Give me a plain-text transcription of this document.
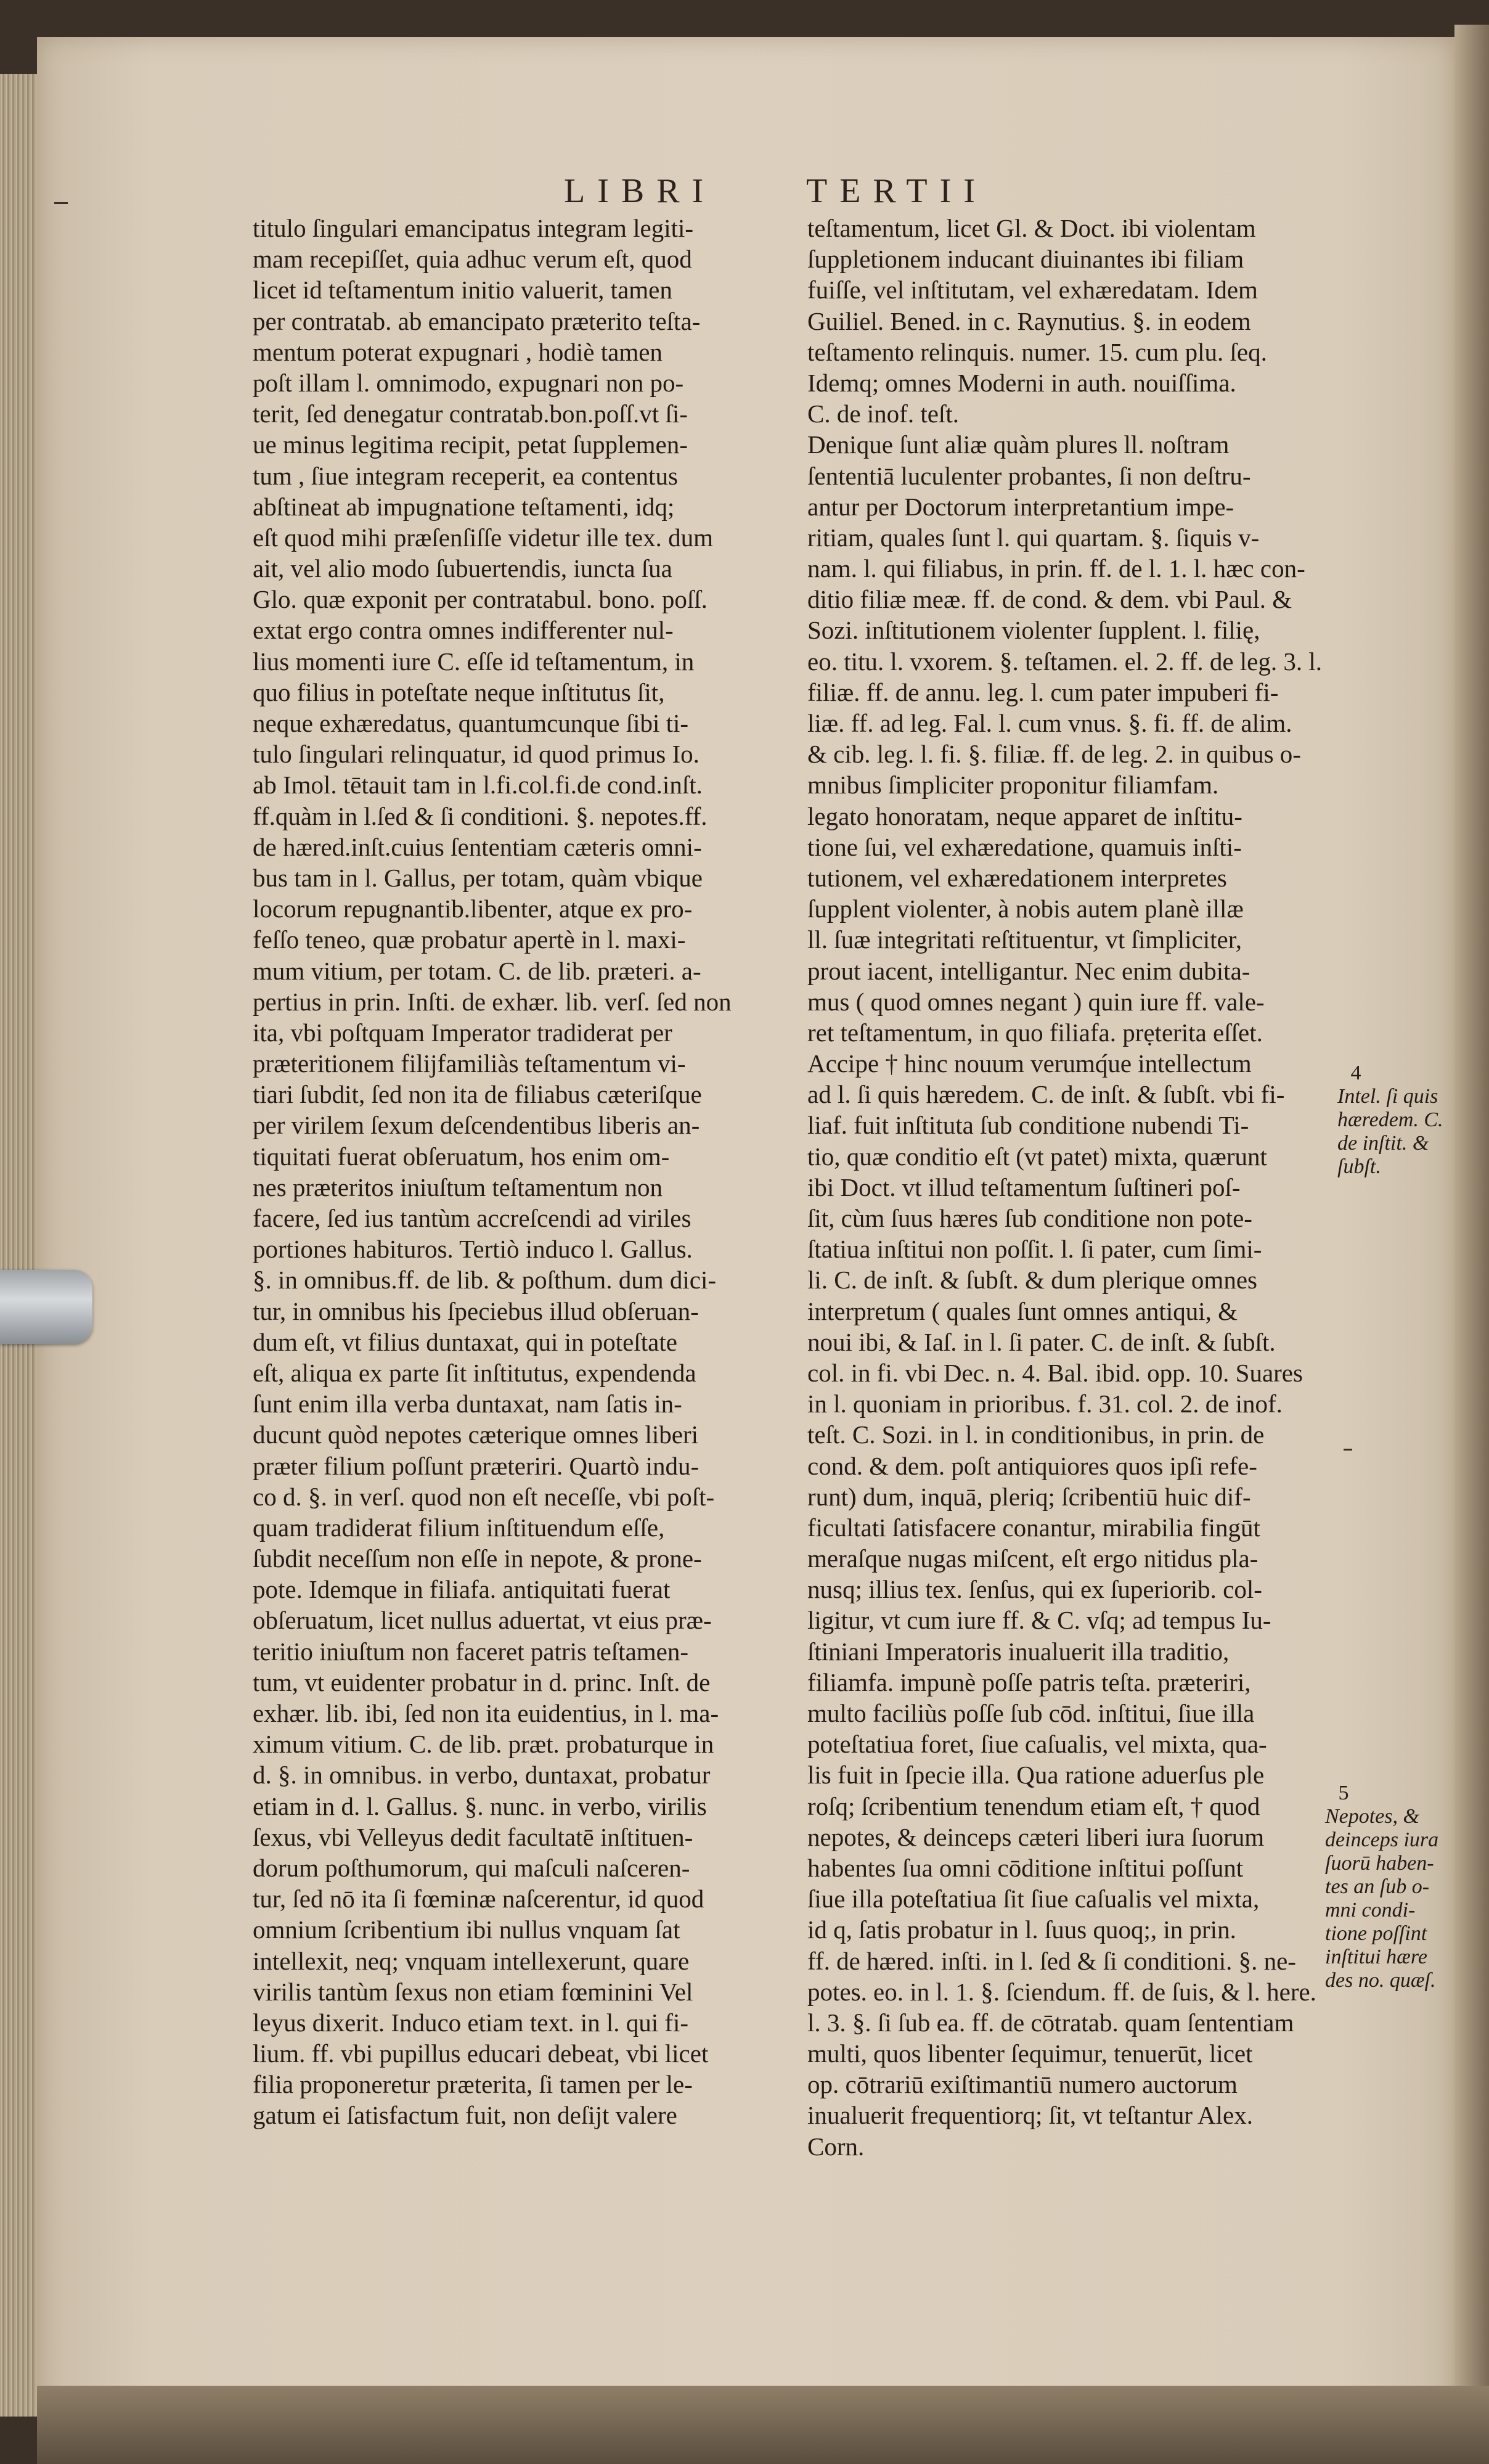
LIBRI	TERTII
titulo ſingulari emancipatus integram legiti-
mam recepiſſet, quia adhuc verum eſt, quod
licet id teſtamentum initio valuerit, tamen
per contratab. ab emancipato præterito teſta-
mentum poterat expugnari , hodiè tamen
poſt illam l. omnimodo, expugnari non po-
terit, ſed denegatur contratab.bon.poſſ.vt ſi-
ue minus legitima recipit, petat ſupplemen-
tum , ſiue integram receperit, ea contentus
abſtineat ab impugnatione teſtamenti, idq;
eſt quod mihi præſenſiſſe videtur ille tex. dum
ait, vel alio modo ſubuertendis, iuncta ſua
Glo. quæ exponit per contratabul. bono. poſſ.
extat ergo contra omnes indifferenter nul-
lius momenti iure C. eſſe id teſtamentum, in
quo filius in poteſtate neque inſtitutus ſit,
neque exhæredatus, quantumcunque ſibi ti-
tulo ſingulari relinquatur, id quod primus Io.
ab Imol. tētauit tam in l.fi.col.fi.de cond.inſt.
ff.quàm in l.ſed & ſi conditioni. §. nepotes.ff.
de hæred.inſt.cuius ſententiam cæteris omni-
bus tam in l. Gallus, per totam, quàm vbique
locorum repugnantib.libenter, atque ex pro-
feſſo teneo, quæ probatur apertè in l. maxi-
mum vitium, per totam. C. de lib. præteri. a-
pertius in prin. Inſti. de exhær. lib. verſ. ſed non
ita, vbi poſtquam Imperator tradiderat per
præteritionem filijfamiliàs teſtamentum vi-
tiari ſubdit, ſed non ita de filiabus cæteriſque
per virilem ſexum deſcendentibus liberis an-
tiquitati fuerat obſeruatum, hos enim om-
nes præteritos iniuſtum teſtamentum non
facere, ſed ius tantùm accreſcendi ad viriles
portiones habituros. Tertiò induco l. Gallus.
§. in omnibus.ff. de lib. & poſthum. dum dici-
tur, in omnibus his ſpeciebus illud obſeruan-
dum eſt, vt filius duntaxat, qui in poteſtate
eſt, aliqua ex parte ſit inſtitutus, expendenda
ſunt enim illa verba duntaxat, nam ſatis in-
ducunt quòd nepotes cæterique omnes liberi
præter filium poſſunt præteriri. Quartò indu-
co d. §. in verſ. quod non eſt neceſſe, vbi poſt-
quam tradiderat filium inſtituendum eſſe,
ſubdit neceſſum non eſſe in nepote, & prone-
pote. Idemque in filiafa. antiquitati fuerat
obſeruatum, licet nullus aduertat, vt eius præ-
teritio iniuſtum non faceret patris teſtamen-
tum, vt euidenter probatur in d. princ. Inſt. de
exhær. lib. ibi, ſed non ita euidentius, in l. ma-
ximum vitium. C. de lib. præt. probaturque in
d. §. in omnibus. in verbo, duntaxat, probatur
etiam in d. l. Gallus. §. nunc. in verbo, virilis
ſexus, vbi Velleyus dedit facultatē inſtituen-
dorum poſthumorum, qui maſculi naſceren-
tur, ſed nō ita ſi fœminæ naſcerentur, id quod
omnium ſcribentium ibi nullus vnquam ſat
intellexit, neq; vnquam intellexerunt, quare
virilis tantùm ſexus non etiam fœminini Vel
leyus dixerit. Induco etiam text. in l. qui fi-
lium. ff. vbi pupillus educari debeat, vbi licet
filia proponeretur præterita, ſi tamen per le-
gatum ei ſatisfactum fuit, non deſijt valere
teſtamentum, licet Gl. & Doct. ibi violentam
ſuppletionem inducant diuinantes ibi filiam
fuiſſe, vel inſtitutam, vel exhæredatam. Idem
Guiliel. Bened. in c. Raynutius. §. in eodem
teſtamento relinquis. numer. 15. cum plu. ſeq.
Idemq; omnes Moderni in auth. nouiſſima.
C. de inof. teſt.
Denique ſunt aliæ quàm plures ll. noſtram
ſententiā luculenter probantes, ſi non deſtru-
antur per Doctorum interpretantium impe-
ritiam, quales ſunt l. qui quartam. §. ſiquis v-
nam. l. qui filiabus, in prin. ff. de l. 1. l. hæc con-
ditio filiæ meæ. ff. de cond. & dem. vbi Paul. &
Sozi. inſtitutionem violenter ſupplent. l. filię,
eo. titu. l. vxorem. §. teſtamen. el. 2. ff. de leg. 3. l.
filiæ. ff. de annu. leg. l. cum pater impuberi fi-
liæ. ff. ad leg. Fal. l. cum vnus. §. fi. ff. de alim.
& cib. leg. l. fi. §. filiæ. ff. de leg. 2. in quibus o-
mnibus ſimpliciter proponitur filiamfam.
legato honoratam, neque apparet de inſtitu-
tione ſui, vel exhæredatione, quamuis inſti-
tutionem, vel exhæredationem interpretes
ſupplent violenter, à nobis autem planè illæ
ll. ſuæ integritati reſtituentur, vt ſimpliciter,
prout iacent, intelligantur. Nec enim dubita-
mus ( quod omnes negant ) quin iure ff. vale-
ret teſtamentum, in quo filiafa. prẹterita eſſet.
Accipe † hinc nouum verumq́ue intellectum
ad l. ſi quis hæredem. C. de inſt. & ſubſt. vbi fi-
liaf. fuit inſtituta ſub conditione nubendi Ti-
tio, quæ conditio eſt (vt patet) mixta, quærunt
ibi Doct. vt illud teſtamentum ſuſtineri poſ-
ſit, cùm ſuus hæres ſub conditione non pote-
ſtatiua inſtitui non poſſit. l. ſi pater, cum ſimi-
li. C. de inſt. & ſubſt. & dum plerique omnes
interpretum ( quales ſunt omnes antiqui, &
noui ibi, & Iaſ. in l. ſi pater. C. de inſt. & ſubſt.
col. in fi. vbi Dec. n. 4. Bal. ibid. opp. 10. Suares
in l. quoniam in prioribus. f. 31. col. 2. de inof.
teſt. C. Sozi. in l. in conditionibus, in prin. de
cond. & dem. poſt antiquiores quos ipſi refe-
runt) dum, inquā, pleriq; ſcribentiū huic dif-
ficultati ſatisfacere conantur, mirabilia fingūt
meraſque nugas miſcent, eſt ergo nitidus pla-
nusq; illius tex. ſenſus, qui ex ſuperiorib. col-
ligitur, vt cum iure ff. & C. vſq; ad tempus Iu-
ſtiniani Imperatoris inualuerit illa traditio,
filiamfa. impunè poſſe patris teſta. præteriri,
multo faciliùs poſſe ſub cōd. inſtitui, ſiue illa
poteſtatiua foret, ſiue caſualis, vel mixta, qua-
lis fuit in ſpecie illa. Qua ratione aduerſus ple
roſq; ſcribentium tenendum etiam eſt, † quod
nepotes, & deinceps cæteri liberi iura ſuorum
habentes ſua omni cōditione inſtitui poſſunt
ſiue illa poteſtatiua ſit ſiue caſualis vel mixta,
id q, ſatis probatur in l. ſuus quoq;, in prin.
ff. de hæred. inſti. in l. ſed & ſi conditioni. §. ne-
potes. eo. in l. 1. §. ſciendum. ff. de ſuis, & l. here.
l. 3. §. ſi ſub ea. ff. de cōtratab. quam ſententiam
multi, quos libenter ſequimur, tenuerūt, licet
op. cōtrariū exiſtimantiū numero auctorum
inualuerit frequentiorq; ſit, vt teſtantur Alex.
Corn.
4
Intel. ſi quis
hæredem. C.
de inſtit. &
ſubſt.
5
Nepotes, &
deinceps iura
ſuorū haben-
tes an ſub o-
mni condi-
tione poſſint
inſtitui hære
des no. quæſ.
